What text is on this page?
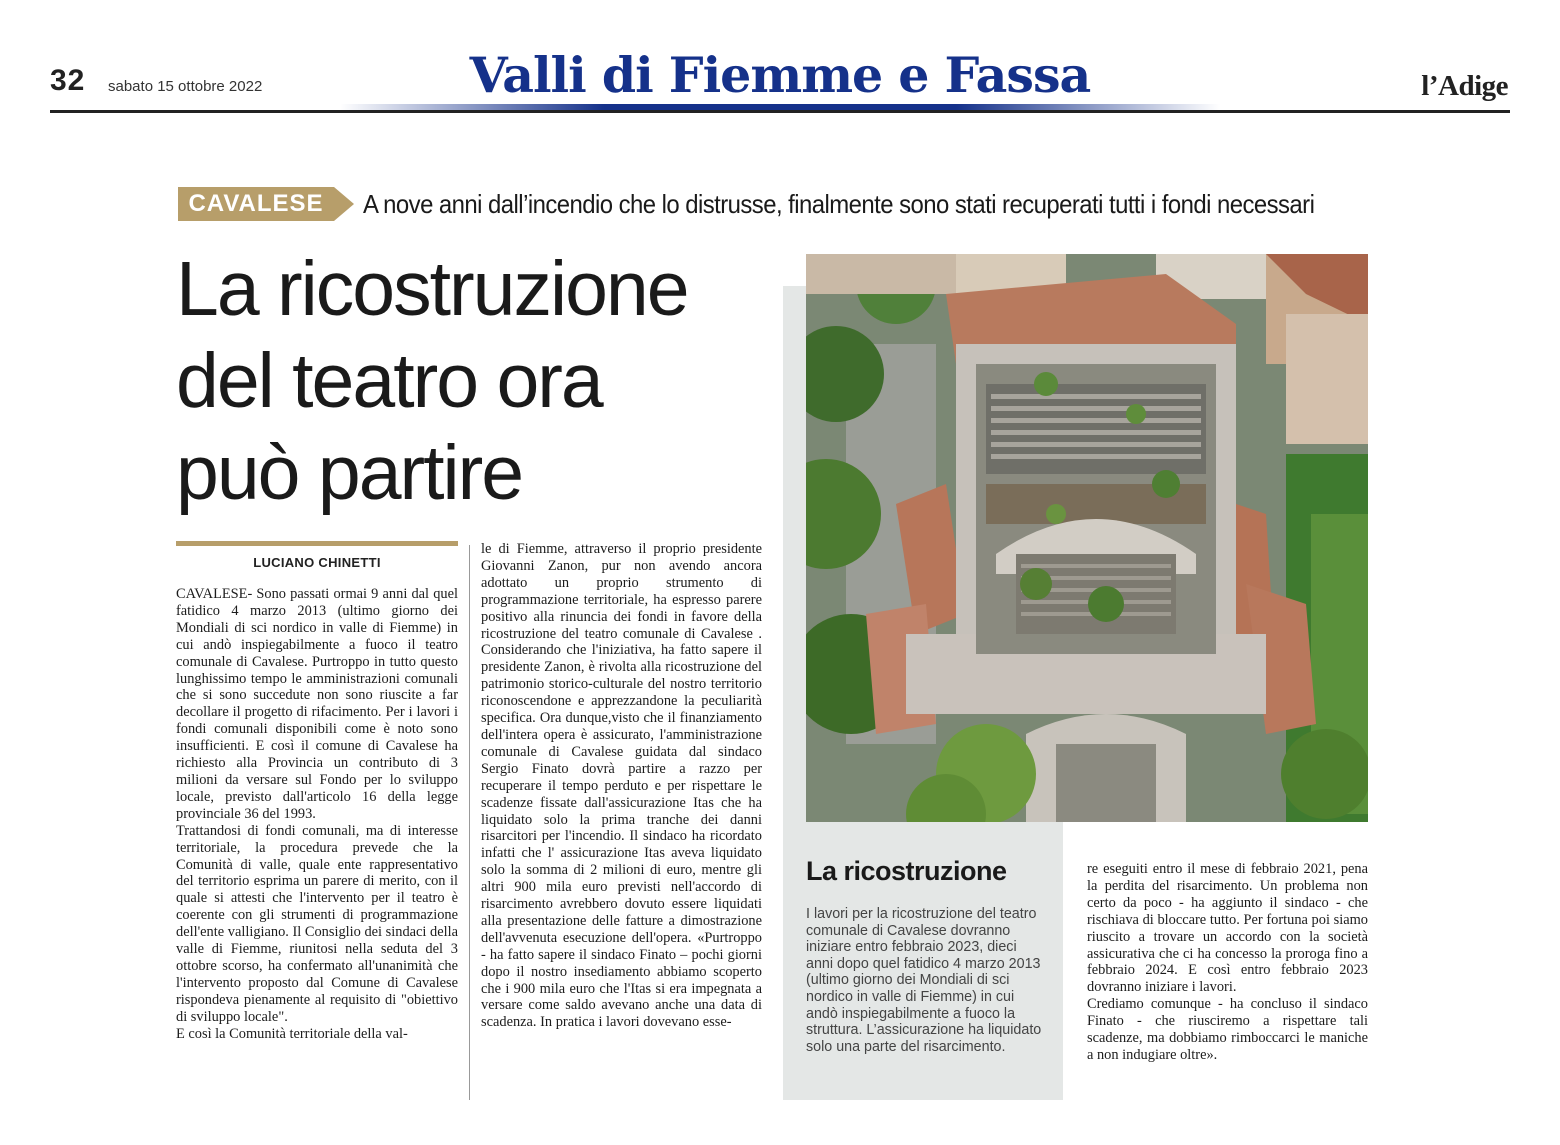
32 sabato 15 ottobre 2022	Valli di Fiemme e Fassa	l’Adige
CAVALESE	A nove anni dall’incendio che lo distrusse, finalmente sono stati recuperati tutti i fondi necessari
La ricostruzione
del teatro ora
può partire
LUCIANO CHINETTI

CAVALESE- Sono passati ormai 9 anni dal quel fatidico 4 marzo 2013 (ultimo giorno dei Mondiali di sci nordico in valle di Fiemme) in cui andò inspiegabilmente a fuoco il teatro comunale di Cavalese. Purtroppo in tutto questo lunghissimo tempo le amministrazioni comunali che si sono succedute non sono riuscite a far decollare il progetto di rifacimento. Per i lavori i fondi comunali disponibili come è noto sono insufficienti. E così il comune di Cavalese ha richiesto alla Provincia un contributo di 3 milioni da versare sul Fondo per lo sviluppo locale, previsto dall'articolo 16 della legge provinciale 36 del 1993.

Trattandosi di fondi comunali, ma di interesse territoriale, la procedura prevede che la Comunità di valle, quale ente rappresentativo del territorio esprima un parere di merito, con il quale si attesti che l'intervento per il teatro è coerente con gli strumenti di programmazione dell'ente valligiano. Il Consiglio dei sindaci della valle di Fiemme, riunitosi nella seduta del 3 ottobre scorso, ha confermato all'unanimità che l'intervento proposto dal Comune di Cavalese rispondeva pienamente al requisito di "obiettivo di sviluppo locale".

E così la Comunità territoriale della val-

le di Fiemme, attraverso il proprio presidente Giovanni Zanon, pur non avendo ancora adottato un proprio strumento di programmazione territoriale, ha espresso parere positivo alla rinuncia dei fondi in favore della ricostruzione del teatro comunale di Cavalese . Considerando che l'iniziativa, ha fatto sapere il presidente Zanon, è rivolta alla ricostruzione del patrimonio storico-culturale del nostro territorio riconoscendone e apprezzandone la peculiarità specifica. Ora dunque,visto che il finanziamento dell'intera opera è assicurato, l'amministrazione comunale di Cavalese guidata dal sindaco Sergio Finato dovrà partire a razzo per recuperare il tempo perduto e per rispettare le scadenze fissate dall'assicurazione Itas che ha liquidato solo la prima tranche dei danni risarcitori per l'incendio. Il sindaco ha ricordato infatti che l' assicurazione Itas aveva liquidato solo la somma di 2 milioni di euro, mentre gli altri 900 mila euro previsti nell'accordo di risarcimento avrebbero dovuto essere liquidati alla presentazione delle fatture a dimostrazione dell'avvenuta esecuzione dell'opera. «Purtroppo - ha fatto sapere il sindaco Finato – pochi giorni dopo il nostro insediamento abbiamo scoperto che i 900 mila euro che l'Itas si era impegnata a versare come saldo avevano anche una data di scadenza. In pratica i lavori dovevano esse-

La ricostruzione
I lavori per la ricostruzione del teatro comunale di Cavalese dovranno iniziare entro febbraio 2023, dieci anni dopo quel fatidico 4 marzo 2013 (ultimo giorno dei Mondiali di sci nordico in valle di Fiemme) in cui andò inspiegabilmente a fuoco la struttura. L’assicurazione ha liquidato solo una parte del risarcimento.

re eseguiti entro il mese di febbraio 2021, pena la perdita del risarcimento. Un problema non certo da poco - ha aggiunto il sindaco - che rischiava di bloccare tutto. Per fortuna poi siamo riuscito a trovare un accordo con la società assicurativa che ci ha concesso la proroga fino a febbraio 2024. E così entro febbraio 2023 dovranno iniziare i lavori.

Crediamo comunque - ha concluso il sindaco Finato - che riusciremo a rispettare tali scadenze, ma dobbiamo rimboccarci le maniche a non indugiare oltre».
